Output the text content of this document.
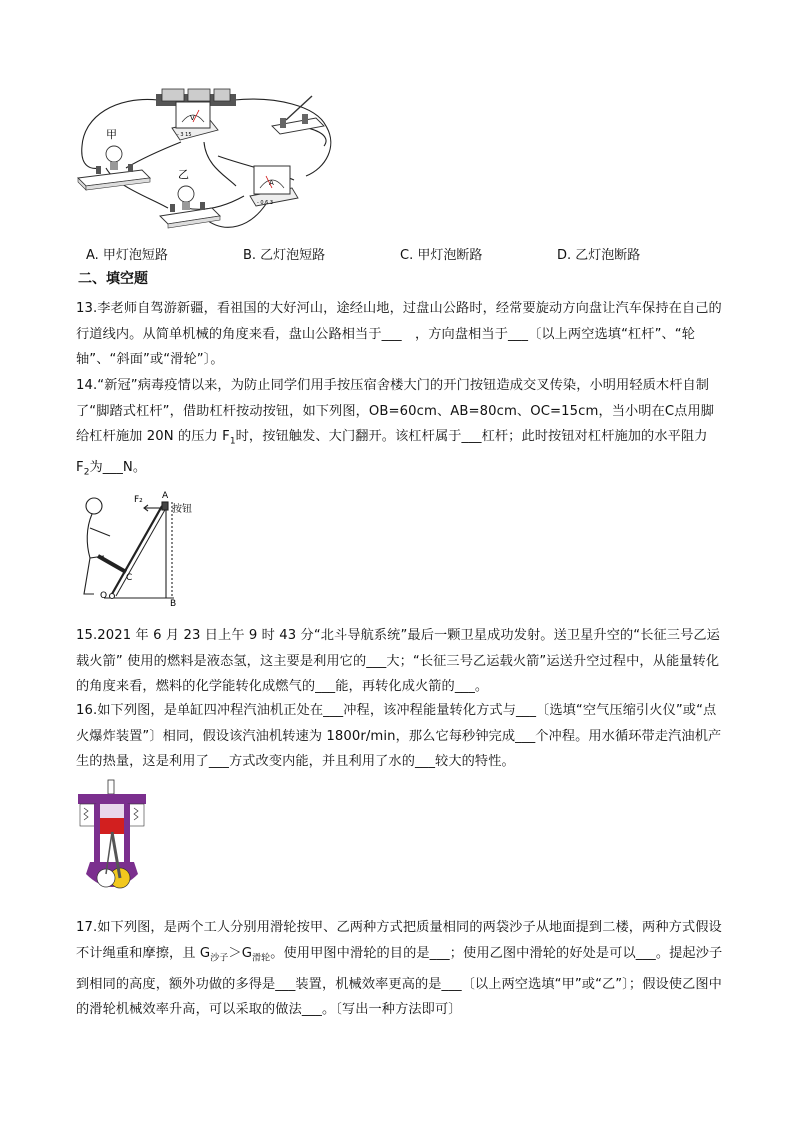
V
- 3 15
A
- 0.6 3
甲
乙
A. 甲灯泡短路	B. 乙灯泡短路	C. 甲灯泡断路	D. 乙灯泡断路
二、填空题

13.李老师自驾游新疆，看祖国的大好河山，途经山地，过盘山公路时，经常要旋动方向盘让汽车保持在自己的行道线内。从简单机械的角度来看，盘山公路相当于___　，方向盘相当于___〔以上两空选填“杠杆”、“轮轴”、“斜面”或“滑轮”〕。

14.“新冠”病毒疫情以来，为防止同学们用手按压宿舍楼大门的开门按钮造成交叉传染，小明用轻质木杆自制了“脚踏式杠杆”，借助杠杆按动按钮，如下列图，OB=60cm、AB=80cm、OC=15cm，当小明在C点用脚给杠杆施加 20N 的压力 $F_1$时，按钮触发、大门翻开。该杠杆属于___杠杆；此时按钮对杠杆施加的水平阻力 $F_2$为___N。

F₂ A
按钮
C
O
B

15.2021 年 6 月 23 日上午 9 时 43 分“北斗导航系统”最后一颗卫星成功发射。送卫星升空的“长征三号乙运载火箭” 使用的燃料是液态氢，这主要是利用它的___大；“长征三号乙运载火箭”运送升空过程中，从能量转化的角度来看，燃料的化学能转化成燃气的___能，再转化成火箭的___。

16.如下列图，是单缸四冲程汽油机正处在___冲程，该冲程能量转化方式与___〔选填“空气压缩引火仪”或“点火爆炸装置”〕相同，假设该汽油机转速为 1800r/min，那么它每秒钟完成___个冲程。用水循环带走汽油机产生的热量，这是利用了___方式改变内能，并且利用了水的___较大的特性。

17.如下列图，是两个工人分别用滑轮按甲、乙两种方式把质量相同的两袋沙子从地面提到二楼，两种方式假设不计绳重和摩擦，且 $G_{沙子}>G_{滑轮}$。使用甲图中滑轮的目的是___；使用乙图中滑轮的好处是可以___。提起沙子到相同的高度，额外功做的多得是___装置，机械效率更高的是___〔以上两空选填“甲”或“乙”〕；假设使乙图中的滑轮机械效率升高，可以采取的做法___。〔写出一种方法即可〕
